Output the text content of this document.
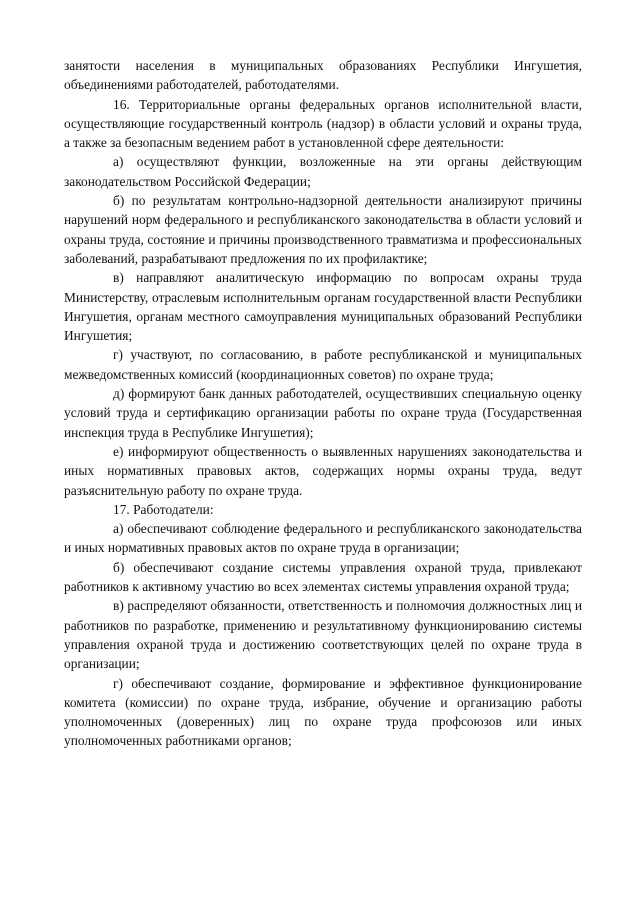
занятости населения в муниципальных образованиях Республики Ингушетия, объединениями работодателей, работодателями.

16. Территориальные органы федеральных органов исполнительной власти, осуществляющие государственный контроль (надзор) в области условий и охраны труда, а также за безопасным ведением работ в установленной сфере деятельности:

а) осуществляют функции, возложенные на эти органы действующим законодательством Российской Федерации;

б) по результатам контрольно-надзорной деятельности анализируют причины нарушений норм федерального и республиканского законодательства в области условий и охраны труда, состояние и причины производственного травматизма и профессиональных заболеваний, разрабатывают предложения по их профилактике;

в) направляют аналитическую информацию по вопросам охраны труда Министерству, отраслевым исполнительным органам государственной власти Республики Ингушетия, органам местного самоуправления муниципальных образований Республики Ингушетия;

г) участвуют, по согласованию, в работе республиканской и муниципальных межведомственных комиссий (координационных советов) по охране труда;

д) формируют банк данных работодателей, осуществивших специальную оценку условий труда и сертификацию организации работы по охране труда (Государственная инспекция труда в Республике Ингушетия);

е) информируют общественность о выявленных нарушениях законодательства и иных нормативных правовых актов, содержащих нормы охраны труда, ведут разъяснительную работу по охране труда.

17. Работодатели:

а) обеспечивают соблюдение федерального и республиканского законодательства и иных нормативных правовых актов по охране труда в организации;

б) обеспечивают создание системы управления охраной труда, привлекают работников к активному участию во всех элементах системы управления охраной труда;

в) распределяют обязанности, ответственность и полномочия должностных лиц и работников по разработке, применению и результативному функционированию системы управления охраной труда и достижению соответствующих целей по охране труда в организации;

г) обеспечивают создание, формирование и эффективное функционирование комитета (комиссии) по охране труда, избрание, обучение и организацию работы уполномоченных (доверенных) лиц по охране труда профсоюзов или иных уполномоченных работниками органов;
